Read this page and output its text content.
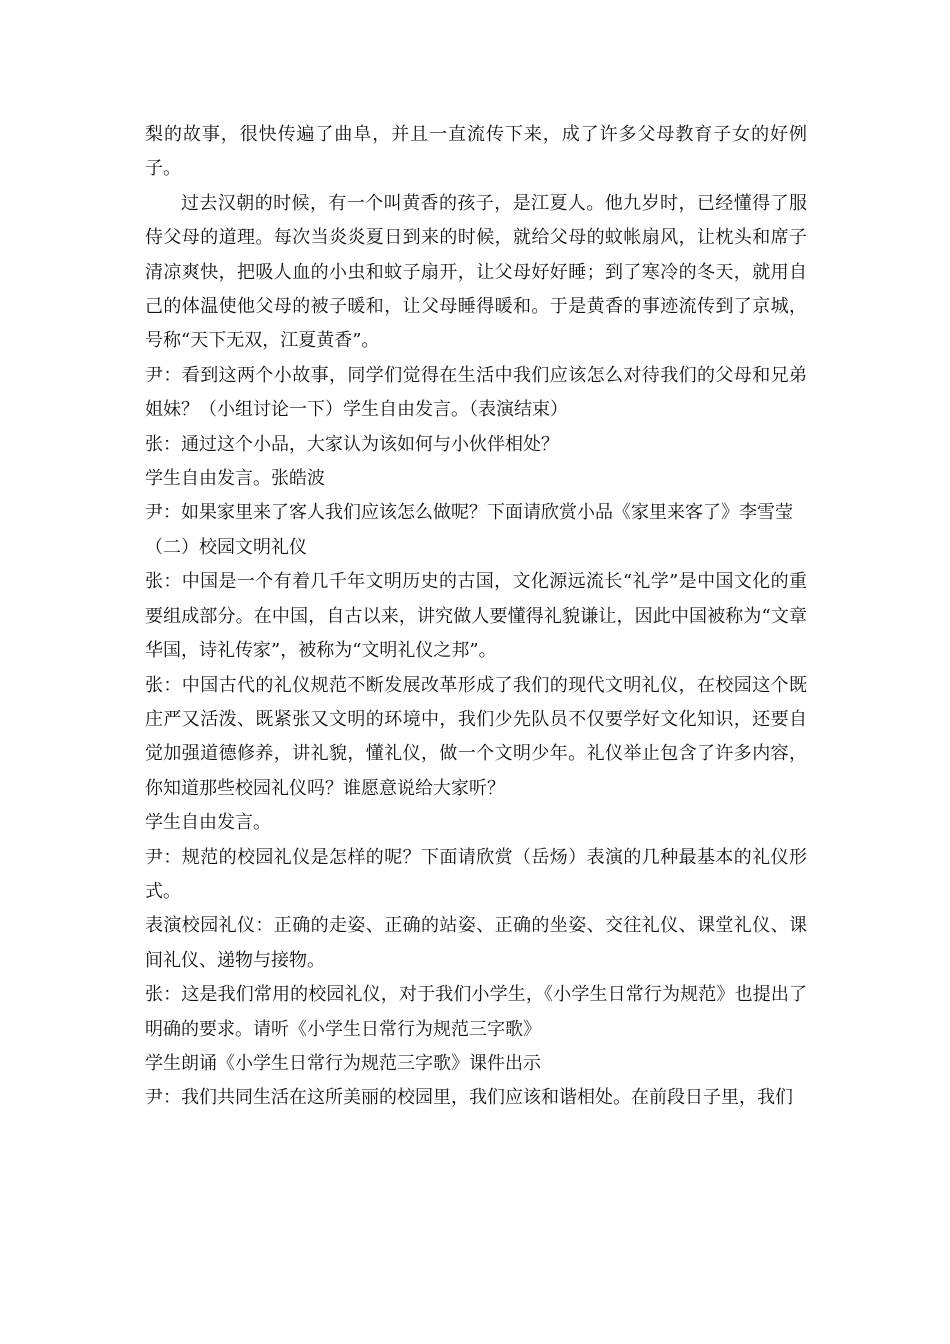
梨的故事，很快传遍了曲阜，并且一直流传下来，成了许多父母教育子女的好例子。

过去汉朝的时候，有一个叫黄香的孩子，是江夏人。他九岁时，已经懂得了服侍父母的道理。每次当炎炎夏日到来的时候，就给父母的蚊帐扇风，让枕头和席子清凉爽快，把吸人血的小虫和蚊子扇开，让父母好好睡；到了寒冷的冬天，就用自己的体温使他父母的被子暖和，让父母睡得暖和。于是黄香的事迹流传到了京城，号称“天下无双，江夏黄香”。

尹：看到这两个小故事，同学们觉得在生活中我们应该怎么对待我们的父母和兄弟姐妹？（小组讨论一下）学生自由发言。（表演结束）

张：通过这个小品，大家认为该如何与小伙伴相处？

学生自由发言。张皓波

尹：如果家里来了客人我们应该怎么做呢？下面请欣赏小品《家里来客了》李雪莹

（二）校园文明礼仪

张：中国是一个有着几千年文明历史的古国，文化源远流长“礼学”是中国文化的重要组成部分。在中国，自古以来，讲究做人要懂得礼貌谦让，因此中国被称为“文章华国，诗礼传家”，被称为“文明礼仪之邦”。

张：中国古代的礼仪规范不断发展改革形成了我们的现代文明礼仪，在校园这个既庄严又活泼、既紧张又文明的环境中，我们少先队员不仅要学好文化知识，还要自觉加强道德修养，讲礼貌，懂礼仪，做一个文明少年。礼仪举止包含了许多内容，你知道那些校园礼仪吗？谁愿意说给大家听？

学生自由发言。

尹：规范的校园礼仪是怎样的呢？下面请欣赏（岳炀）表演的几种最基本的礼仪形式。

表演校园礼仪：正确的走姿、正确的站姿、正确的坐姿、交往礼仪、课堂礼仪、课间礼仪、递物与接物。

张：这是我们常用的校园礼仪，对于我们小学生，《小学生日常行为规范》也提出了明确的要求。请听《小学生日常行为规范三字歌》

学生朗诵《小学生日常行为规范三字歌》课件出示

尹：我们共同生活在这所美丽的校园里，我们应该和谐相处。在前段日子里，我们
